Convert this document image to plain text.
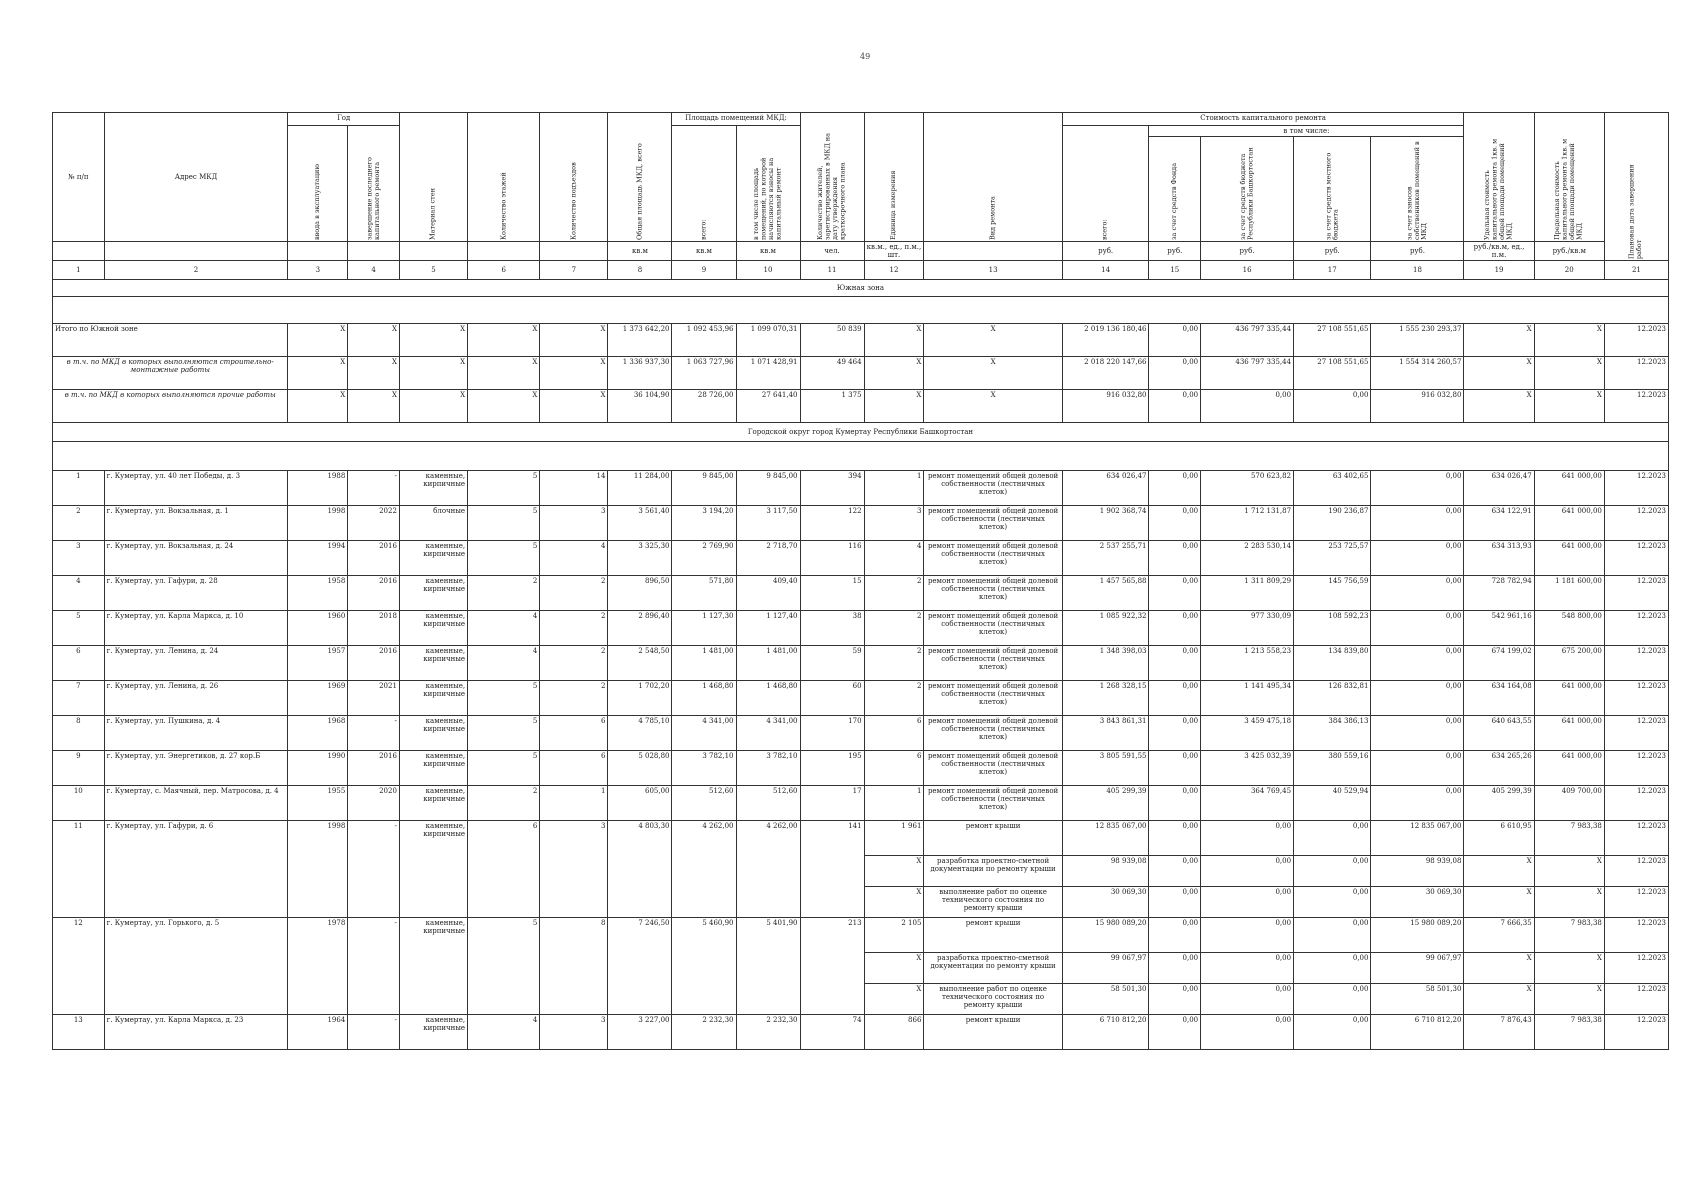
49
№ п/п	Адрес МКД	Год		Материал стен	Количество этажей	Количество подъездов	Общая площадь МКД, всего	Площадь помещений МКД:		Количество жителей, зарегистрированных в МКД на дату утверждения краткосрочного плана	Единица измерения	Вид ремонта	Стоимость капитального ремонта					Удельная стоимость капитального ремонта 1кв. м общей площади помещений МКД	Предельная стоимость капитального ремонта 1кв. м общей площади помещений МКД	Плановая дата завершения работ
		ввода в эксплуатацию	завершение последнего капитального ремонта					всего:	в том числе площадь помещений, по которой начисляются взносы на капитальный ремонт				всего:	в том числе:						
														за счет средств Фонда	за счет средств бюджета Республики Башкортостан	за счет средств местного бюджета	за счет взносов собственников помещений в МКД			
							кв.м	кв.м	кв.м	чел.	кв.м., ед., п.м., шт.		руб.	руб.	руб.	руб.	руб.	руб./кв.м, ед., п.м.	руб./кв.м	
1	2	3	4	5	6	7	8	9	10	11	12	13	14	15	16	17	18	19	20	21
Южная зона																				

Итого по Южной зоне		X	X	X	X	X	1 373 642,20	1 092 453,96	1 099 070,31	50 839	X	X	2 019 136 180,46	0,00	436 797 335,44	27 108 551,65	1 555 230 293,37	X	X	12.2023
в т.ч. по МКД в которых выполняются строительно-монтажные работы		X	X	X	X	X	1 336 937,30	1 063 727,96	1 071 428,91	49 464	X	X	2 018 220 147,66	0,00	436 797 335,44	27 108 551,65	1 554 314 260,57	X	X	12.2023
в т.ч. по МКД в которых выполняются прочие работы		X	X	X	X	X	36 104,90	28 726,00	27 641,40	1 375	X	X	916 032,80	0,00	0,00	0,00	916 032,80	X	X	12.2023
Городской округ город Кумертау Республики Башкортостан																				

1	г. Кумертау, ул. 40 лет Победы, д. 3	1988	-	каменные, кирпичные	5	14	11 284,00	9 845,00	9 845,00	394	1	ремонт помещений общей долевой собственности (лестничных клеток)	634 026,47	0,00	570 623,82	63 402,65	0,00	634 026,47	641 000,00	12.2023
2	г. Кумертау, ул. Вокзальная, д. 1	1998	2022	блочные	5	3	3 561,40	3 194,20	3 117,50	122	3	ремонт помещений общей долевой собственности (лестничных клеток)	1 902 368,74	0,00	1 712 131,87	190 236,87	0,00	634 122,91	641 000,00	12.2023
3	г. Кумертау, ул. Вокзальная, д. 24	1994	2016	каменные, кирпичные	5	4	3 325,30	2 769,90	2 718,70	116	4	ремонт помещений общей долевой собственности (лестничных клеток)	2 537 255,71	0,00	2 283 530,14	253 725,57	0,00	634 313,93	641 000,00	12.2023
4	г. Кумертау, ул. Гафури, д. 28	1958	2016	каменные, кирпичные	2	2	896,50	571,80	409,40	15	2	ремонт помещений общей долевой собственности (лестничных клеток)	1 457 565,88	0,00	1 311 809,29	145 756,59	0,00	728 782,94	1 181 600,00	12.2023
5	г. Кумертау, ул. Карла Маркса, д. 10	1960	2018	каменные, кирпичные	4	2	2 896,40	1 127,30	1 127,40	38	2	ремонт помещений общей долевой собственности (лестничных клеток)	1 085 922,32	0,00	977 330,09	108 592,23	0,00	542 961,16	548 800,00	12.2023
6	г. Кумертау, ул. Ленина, д. 24	1957	2016	каменные, кирпичные	4	2	2 548,50	1 481,00	1 481,00	59	2	ремонт помещений общей долевой собственности (лестничных клеток)	1 348 398,03	0,00	1 213 558,23	134 839,80	0,00	674 199,02	675 200,00	12.2023
7	г. Кумертау, ул. Ленина, д. 26	1969	2021	каменные, кирпичные	5	2	1 702,20	1 468,80	1 468,80	60	2	ремонт помещений общей долевой собственности (лестничных клеток)	1 268 328,15	0,00	1 141 495,34	126 832,81	0,00	634 164,08	641 000,00	12.2023
8	г. Кумертау, ул. Пушкина, д. 4	1968	-	каменные, кирпичные	5	6	4 785,10	4 341,00	4 341,00	170	6	ремонт помещений общей долевой собственности (лестничных клеток)	3 843 861,31	0,00	3 459 475,18	384 386,13	0,00	640 643,55	641 000,00	12.2023
9	г. Кумертау, ул. Энергетиков, д. 27 кор.Б	1990	2016	каменные, кирпичные	5	6	5 028,80	3 782,10	3 782,10	195	6	ремонт помещений общей долевой собственности (лестничных клеток)	3 805 591,55	0,00	3 425 032,39	380 559,16	0,00	634 265,26	641 000,00	12.2023
10	г. Кумертау, с. Маячный, пер. Матросова, д. 4	1955	2020	каменные, кирпичные	2	1	605,00	512,60	512,60	17	1	ремонт помещений общей долевой собственности (лестничных клеток)	405 299,39	0,00	364 769,45	40 529,94	0,00	405 299,39	409 700,00	12.2023
11	г. Кумертау, ул. Гафури, д. 6	1998	-	каменные, кирпичные	6	3	4 803,30	4 262,00	4 262,00	141	1 961	ремонт крыши	12 835 067,00	0,00	0,00	0,00	12 835 067,00	6 610,95	7 983,38	12.2023
											X	разработка проектно-сметной документации по ремонту крыши	98 939,08	0,00	0,00	0,00	98 939,08	X	X	12.2023
											X	выполнение работ по оценке технического состояния по ремонту крыши	30 069,30	0,00	0,00	0,00	30 069,30	X	X	12.2023
12	г. Кумертау, ул. Горького, д. 5	1978	-	каменные, кирпичные	5	8	7 246,50	5 460,90	5 401,90	213	2 105	ремонт крыши	15 980 089,20	0,00	0,00	0,00	15 980 089,20	7 666,35	7 983,38	12.2023
											X	разработка проектно-сметной документации по ремонту крыши	99 067,97	0,00	0,00	0,00	99 067,97	X	X	12.2023
											X	выполнение работ по оценке технического состояния по ремонту крыши	58 501,30	0,00	0,00	0,00	58 501,30	X	X	12.2023
13	г. Кумертау, ул. Карла Маркса, д. 23	1964	-	каменные, кирпичные	4	3	3 227,00	2 232,30	2 232,30	74	866	ремонт крыши	6 710 812,20	0,00	0,00	0,00	6 710 812,20	7 876,43	7 983,38	12.2023
